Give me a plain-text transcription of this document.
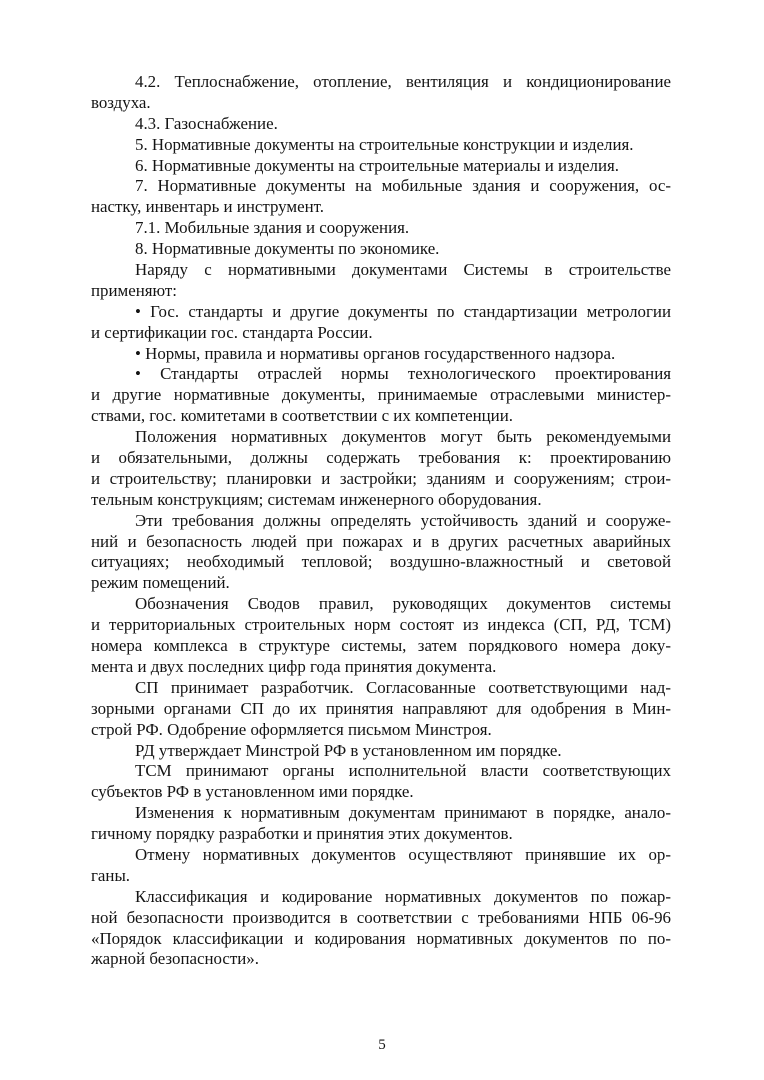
4.2. Теплоснабжение, отопление, вентиляция и кондиционирование
воздуха.
4.3. Газоснабжение.
5. Нормативные документы на строительные конструкции и изделия.
6. Нормативные документы на строительные материалы и изделия.
7. Нормативные документы на мобильные здания и сооружения, ос-
настку, инвентарь и инструмент.
7.1. Мобильные здания и сооружения.
8. Нормативные документы по экономике.
Наряду с нормативными документами Системы в строительстве
применяют:
• Гос. стандарты и другие документы по стандартизации метрологии
и сертификации гос. стандарта России.
• Нормы, правила и нормативы органов государственного надзора.
• Стандарты отраслей нормы технологического проектирования
и другие нормативные документы, принимаемые отраслевыми министер-
ствами, гос. комитетами в соответствии с их компетенции.
Положения нормативных документов могут быть рекомендуемыми
и обязательными, должны содержать требования к: проектированию
и строительству; планировки и застройки; зданиям и сооружениям; строи-
тельным конструкциям; системам инженерного оборудования.
Эти требования должны определять устойчивость зданий и сооруже-
ний и безопасность людей при пожарах и в других расчетных аварийных
ситуациях; необходимый тепловой; воздушно-влажностный и световой
режим помещений.
Обозначения Сводов правил, руководящих документов системы
и территориальных строительных норм состоят из индекса (СП, РД, ТСМ)
номера комплекса в структуре системы, затем порядкового номера доку-
мента и двух последних цифр года принятия документа.
СП принимает разработчик. Согласованные соответствующими над-
зорными органами СП до их принятия направляют для одобрения в Мин-
строй РФ. Одобрение оформляется письмом Минстроя.
РД утверждает Минстрой РФ в установленном им порядке.
ТСМ принимают органы исполнительной власти соответствующих
субъектов РФ в установленном ими порядке.
Изменения к нормативным документам принимают в порядке, анало-
гичному порядку разработки и принятия этих документов.
Отмену нормативных документов осуществляют принявшие их ор-
ганы.
Классификация и кодирование нормативных документов по пожар-
ной безопасности производится в соответствии с требованиями НПБ 06-96
«Порядок классификации и кодирования нормативных документов по по-
жарной безопасности».
5
